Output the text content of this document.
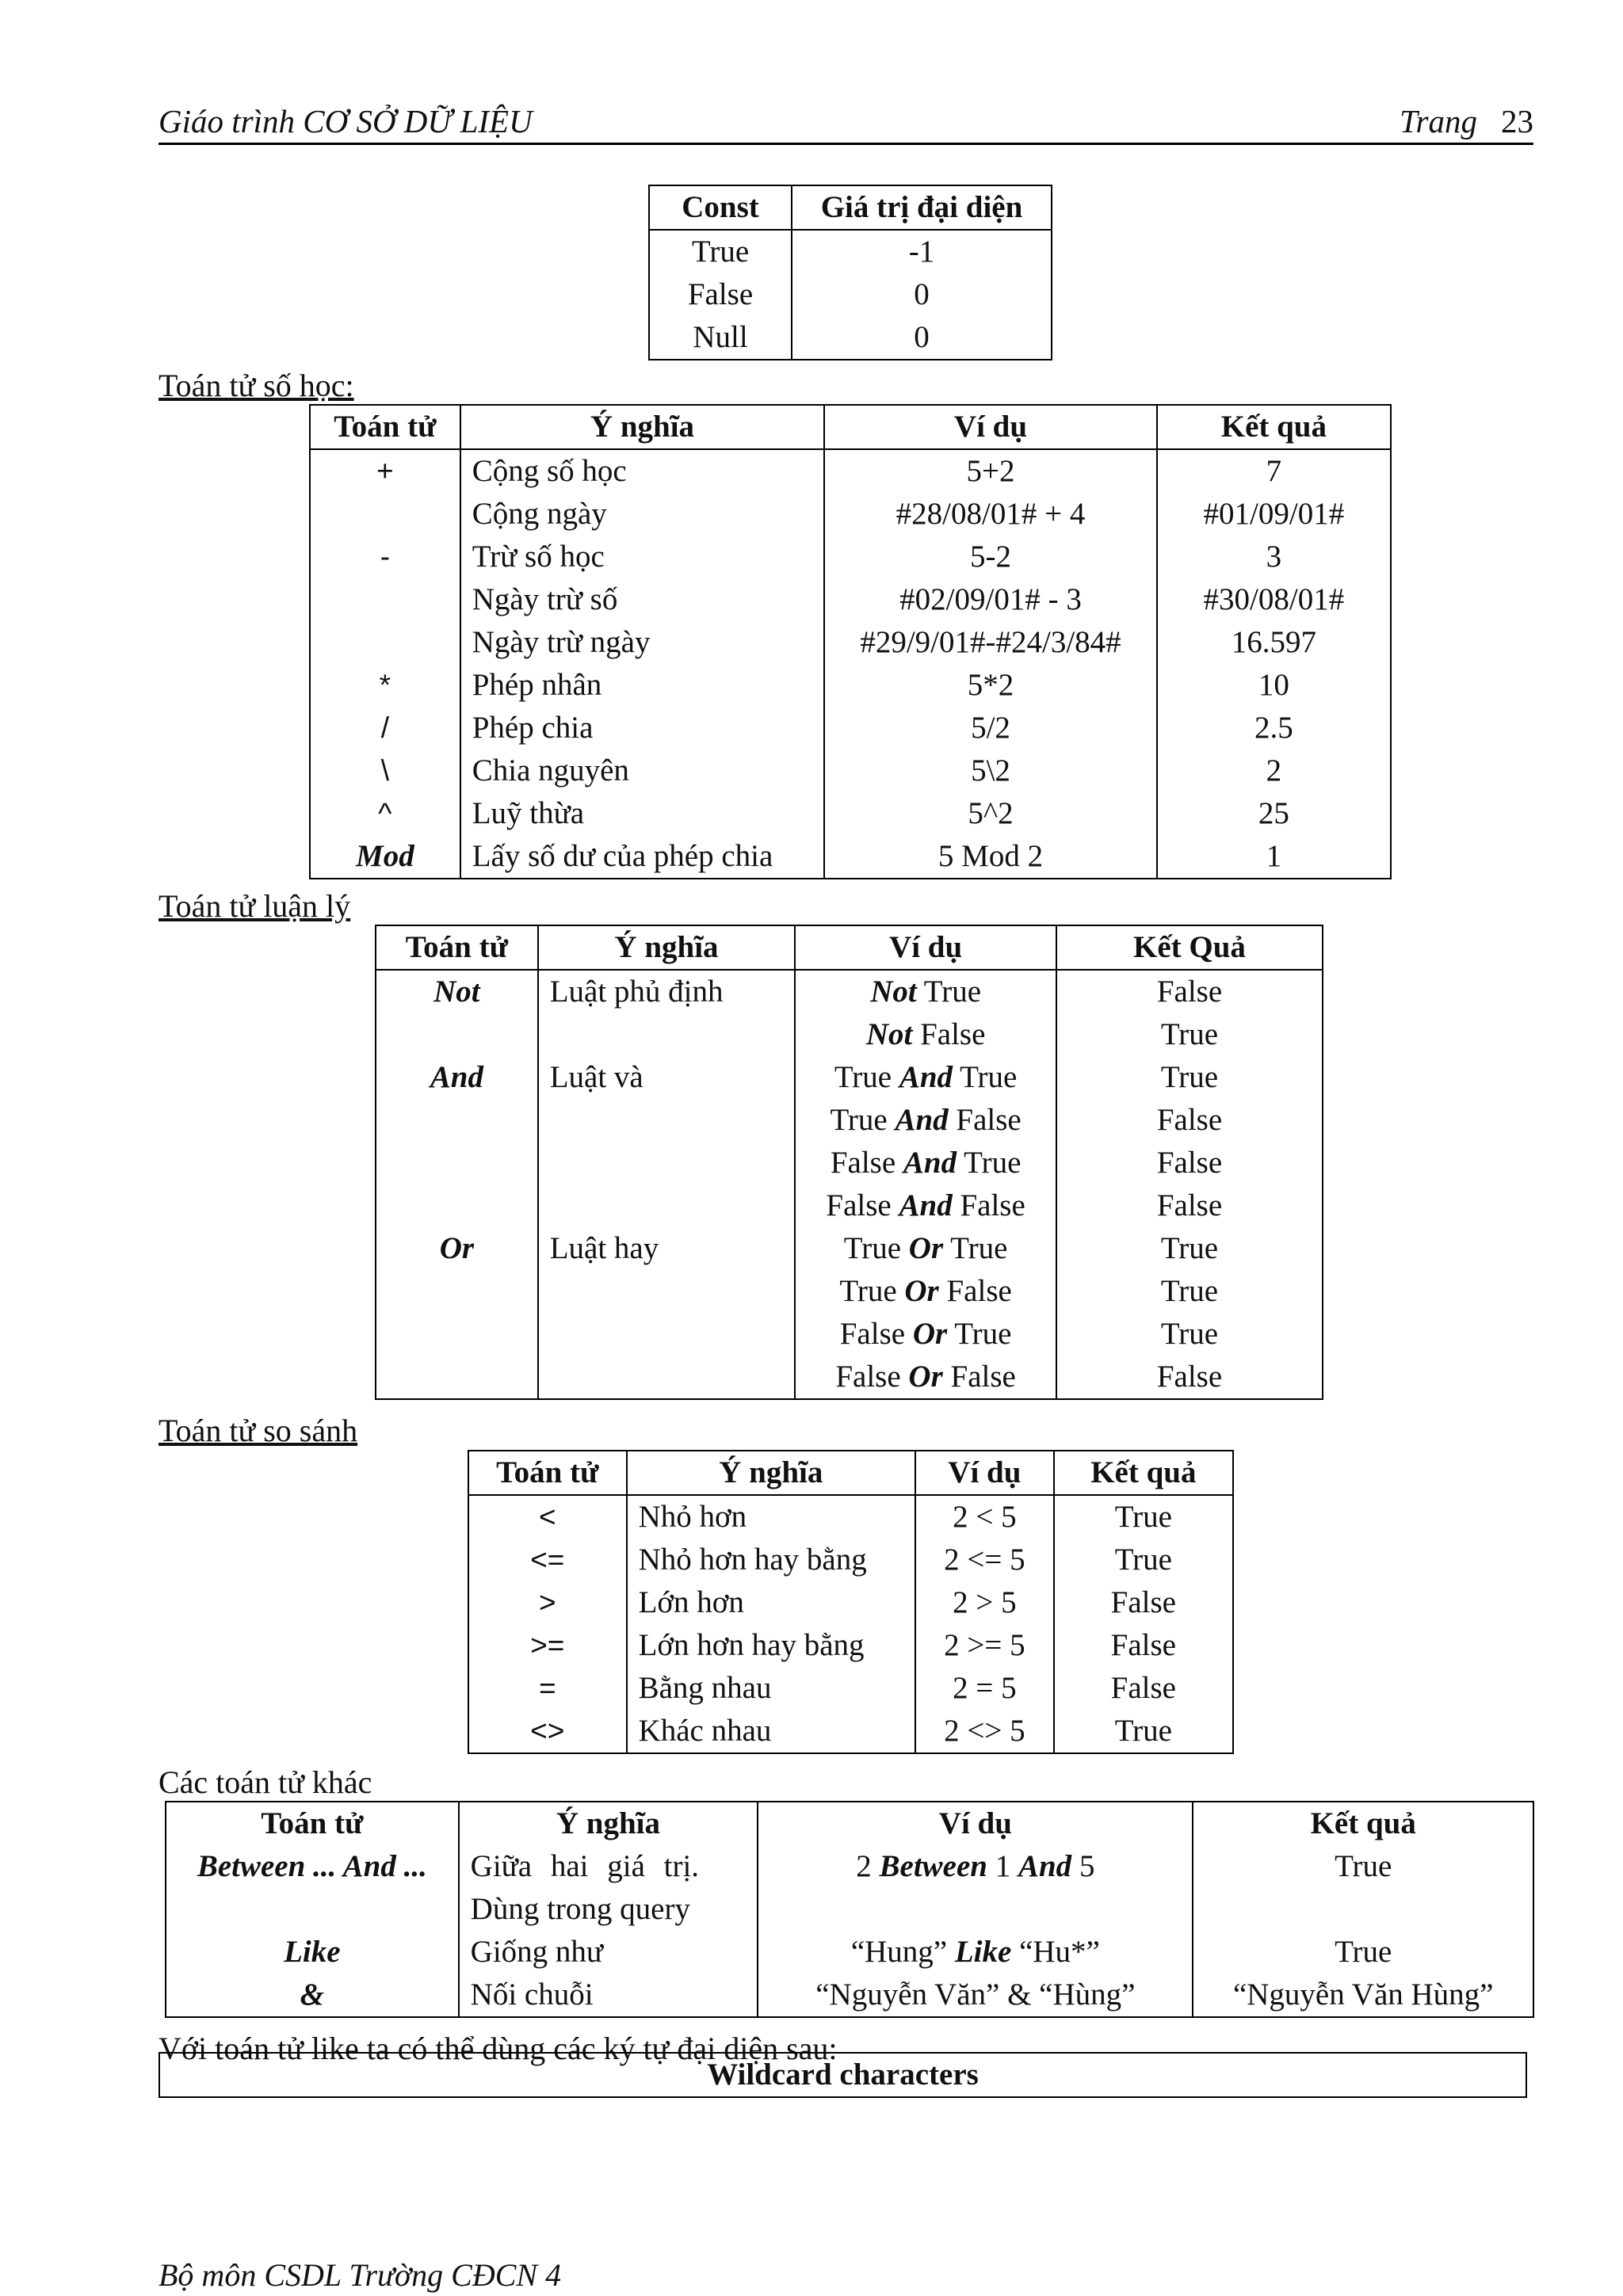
Giáo trình CƠ SỞ DỮ LIỆU	Trang 23
Const	Giá trị đại diện
True	-1
False	0
Null	0
Toán tử số học:
Toán tử	Ý nghĩa	Ví dụ	Kết quả
+	Cộng số học	5+2	7
	Cộng ngày	#28/08/01# + 4	#01/09/01#
-	Trừ số học	5-2	3
	Ngày trừ số	#02/09/01# - 3	#30/08/01#
	Ngày trừ ngày	#29/9/01#-#24/3/84#	16.597
*	Phép nhân	5*2	10
/	Phép chia	5/2	2.5
\	Chia nguyên	5\2	2
^	Luỹ thừa	5^2	25
Mod	Lấy số dư của phép chia	5 Mod 2	1
Toán tử luận lý
Toán tử	Ý nghĩa	Ví dụ	Kết Quả
Not	Luật phủ định	Not True	False
		Not False	True
And	Luật và	True And True	True
		True And False	False
		False And True	False
		False And False	False
Or	Luật hay	True Or True	True
		True Or False	True
		False Or True	True
		False Or False	False
Toán tử so sánh
Toán tử	Ý nghĩa	Ví dụ	Kết quả
<	Nhỏ hơn	2 < 5	True
<=	Nhỏ hơn hay bằng	2 <= 5	True
>	Lớn hơn	2 > 5	False
>=	Lớn hơn hay bằng	2 >= 5	False
=	Bằng nhau	2 = 5	False
<>	Khác nhau	2 <> 5	True
Các toán tử khác
Toán tử	Ý nghĩa	Ví dụ	Kết quả
Between ... And ...	Giữa hai giá trị.	2 Between 1 And 5	True
	Dùng trong query		
Like	Giống như	“Hung” Like “Hu*”	True
&	Nối chuỗi	“Nguyễn Văn” & “Hùng”	“Nguyễn Văn Hùng”
Với toán tử like ta có thể dùng các ký tự đại diện sau:
Wildcard characters
Bộ môn CSDL Trường CĐCN 4
